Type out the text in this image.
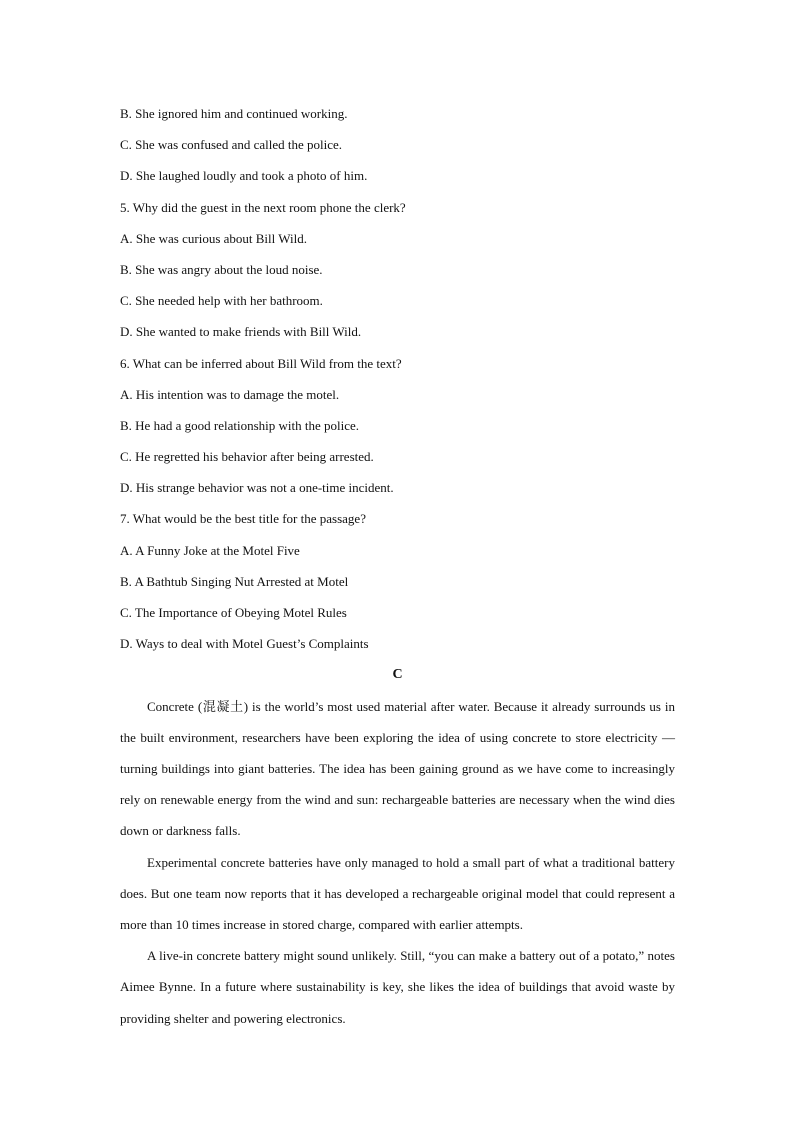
B. She ignored him and continued working.

C. She was confused and called the police.

D. She laughed loudly and took a photo of him.

5. Why did the guest in the next room phone the clerk?

A. She was curious about Bill Wild.

B. She was angry about the loud noise.

C. She needed help with her bathroom.

D. She wanted to make friends with Bill Wild.

6. What can be inferred about Bill Wild from the text?

A. His intention was to damage the motel.

B. He had a good relationship with the police.

C. He regretted his behavior after being arrested.

D. His strange behavior was not a one-time incident.

7. What would be the best title for the passage?

A. A Funny Joke at the Motel Five

B. A Bathtub Singing Nut Arrested at Motel

C. The Importance of Obeying Motel Rules

D. Ways to deal with Motel Guest’s Complaints

C

Concrete (混凝土) is the world’s most used material after water. Because it already surrounds us in the built environment, researchers have been exploring the idea of using concrete to store electricity — turning buildings into giant batteries. The idea has been gaining ground as we have come to increasingly rely on renewable energy from the wind and sun: rechargeable batteries are necessary when the wind dies down or darkness falls.

Experimental concrete batteries have only managed to hold a small part of what a traditional battery does. But one team now reports that it has developed a rechargeable original model that could represent a more than 10 times increase in stored charge, compared with earlier attempts.

A live-in concrete battery might sound unlikely. Still, “you can make a battery out of a potato,” notes Aimee Bynne. In a future where sustainability is key, she likes the idea of buildings that avoid waste by providing shelter and powering electronics.
